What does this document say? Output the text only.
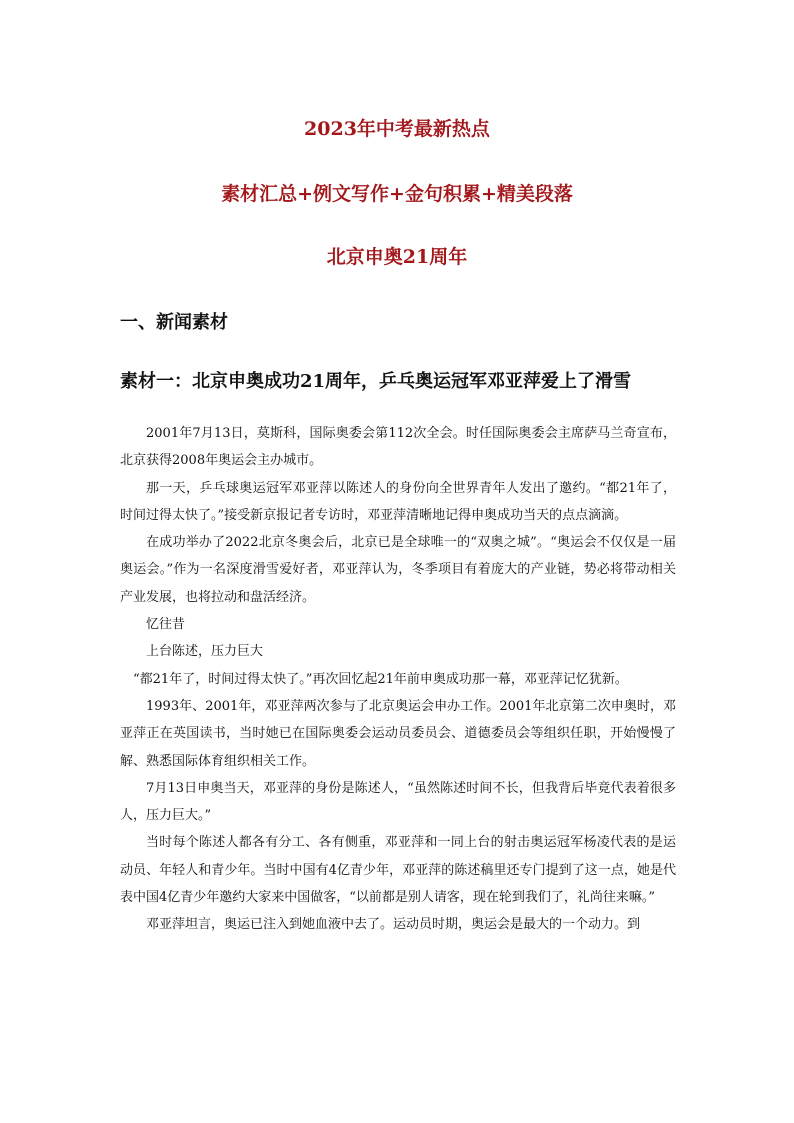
2023年中考最新热点
素材汇总+例文写作+金句积累+精美段落
北京申奥21周年
一、新闻素材
素材一：北京申奥成功21周年，乒乓奥运冠军邓亚萍爱上了滑雪

2001年7月13日，莫斯科，国际奥委会第112次全会。时任国际奥委会主席萨马兰奇宣布，北京获得2008年奥运会主办城市。

那一天，乒乓球奥运冠军邓亚萍以陈述人的身份向全世界青年人发出了邀约。“都21年了，时间过得太快了。”接受新京报记者专访时，邓亚萍清晰地记得申奥成功当天的点点滴滴。

在成功举办了2022北京冬奥会后，北京已是全球唯一的“双奥之城”。“奥运会不仅仅是一届奥运会。”作为一名深度滑雪爱好者，邓亚萍认为，冬季项目有着庞大的产业链，势必将带动相关产业发展，也将拉动和盘活经济。

忆往昔

上台陈述，压力巨大

“都21年了，时间过得太快了。”再次回忆起21年前申奥成功那一幕，邓亚萍记忆犹新。

1993年、2001年，邓亚萍两次参与了北京奥运会申办工作。2001年北京第二次申奥时，邓亚萍正在英国读书，当时她已在国际奥委会运动员委员会、道德委员会等组织任职，开始慢慢了解、熟悉国际体育组织相关工作。

7月13日申奥当天，邓亚萍的身份是陈述人，“虽然陈述时间不长，但我背后毕竟代表着很多人，压力巨大。”

当时每个陈述人都各有分工、各有侧重，邓亚萍和一同上台的射击奥运冠军杨凌代表的是运动员、年轻人和青少年。当时中国有4亿青少年，邓亚萍的陈述稿里还专门提到了这一点，她是代表中国4亿青少年邀约大家来中国做客，“以前都是别人请客，现在轮到我们了，礼尚往来嘛。”

邓亚萍坦言，奥运已注入到她血液中去了。运动员时期，奥运会是最大的一个动力。到
